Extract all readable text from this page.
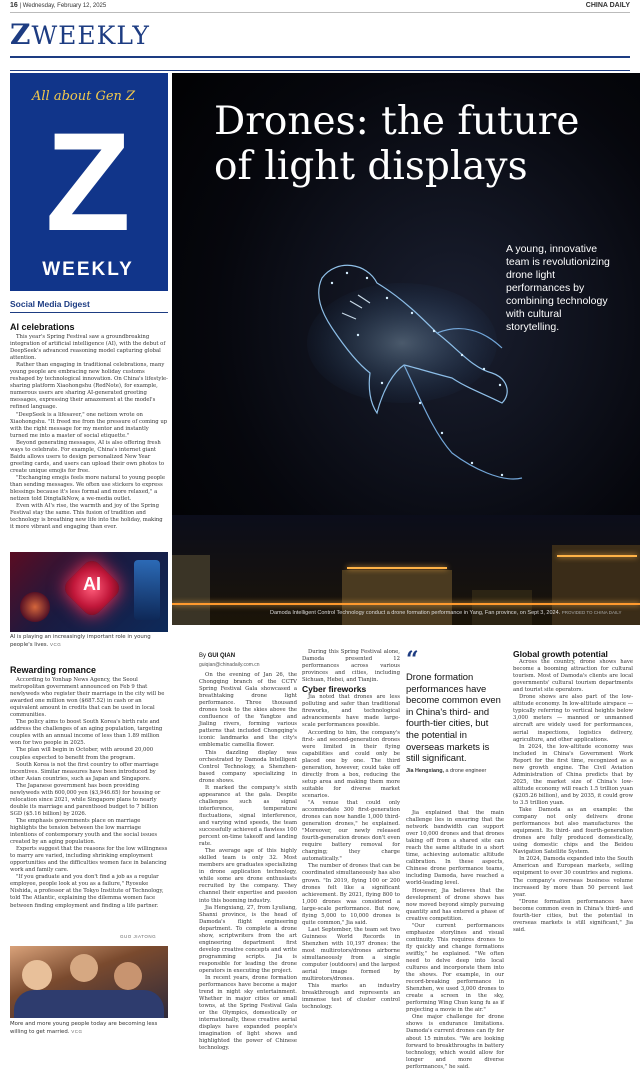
16 | Wednesday, February 12, 2025	CHINA DAILY
ZWEEKLY
All about Gen Z
Z
WEEKLY
Social Media Digest
AI celebrations

This year's Spring Festival saw a groundbreaking integration of artificial intelligence (AI), with the debut of DeepSeek's advanced reasoning model capturing global attention.

Rather than engaging in traditional celebrations, many young people are embracing new holiday customs reshaped by technological innovation. On China's lifestyle-sharing platform Xiaohongshu (RedNote), for example, numerous users are sharing AI-generated greeting messages, expressing their amazement at the model's refined language.

"DeepSeek is a lifesaver," one netizen wrote on Xiaohongshu. "It freed me from the pressure of coming up with the right message for my mentor and instantly turned me into a master of social etiquette."

Beyond generating messages, AI is also offering fresh ways to celebrate. For example, China's internet giant Baidu allows users to design personalized New Year greeting cards, and users can upload their own photos to create unique emojis for free.

"Exchanging emojis feels more natural to young people than sending messages. We often use stickers to express blessings because it's less formal and more relaxed," a netizen told DingtalkNow, a we-media outlet.

Even with AI's rise, the warmth and joy of the Spring Festival stay the same. This fusion of tradition and technology is breathing new life into the holiday, making it more vibrant and engaging than ever.

AI
AI is playing an increasingly important role in young people's lives. VCG
Rewarding romance

According to Yonhap News Agency, the Seoul metropolitan government announced on Feb 9 that newlyweds who register their marriage in the city will be awarded one million won ($687.52) in cash or an equivalent amount in credits that can be used in local communities.

The policy aims to boost South Korea's birth rate and address the challenges of an aging population, targeting couples with an annual income of less than 1.89 million won for two people in 2025.

The plan will begin in October, with around 20,000 couples expected to benefit from the program.

South Korea is not the first country to offer marriage incentives. Similar measures have been introduced by other Asian countries, such as Japan and Singapore.

The Japanese government has been providing newlyweds with 600,000 yen ($3,946.65) for housing or relocation since 2021, while Singapore plans to nearly double its marriage and parenthood budget to 7 billion SGD ($5.16 billion) by 2026.

The emphasis governments place on marriage highlights the tension between the low marriage intentions of contemporary youth and the social issues created by an aging population.

Experts suggest that the reasons for the low willingness to marry are varied, including shrinking employment opportunities and the difficulties women face in balancing work and family care.

"If you graduate and you don't find a job as a regular employee, people look at you as a failure," Ryosuke Nishida, a professor at the Tokyo Institute of Technology, told The Atlantic, explaining the dilemma women face between finding employment and finding a life partner.

GUO JIATONG
More and more young people today are becoming less willing to get married. VCG
Drones: the future of light displays
A young, innovative team is revolutionizing drone light performances by combining technology with cultural storytelling.
Damoda Intelligent Control Technology conduct a drone formation performance in Yang, Fan province, on Sept 3, 2024. PROVIDED TO CHINA DAILY
By GUI QIAN
guiqian@chinadaily.com.cn

On the evening of Jan 26, the Chongqing branch of the CCTV Spring Festival Gala showcased a breathtaking drone light performance. Three thousand drones took to the skies above the confluence of the Yangtze and Jialing rivers, forming various patterns that included Chongqing's iconic landmarks and the city's emblematic camellia flower.

This dazzling display was orchestrated by Damoda Intelligent Control Technology, a Shenzhen-based company specializing in drone shows.

It marked the company's sixth appearance at the gala. Despite challenges such as signal interference, temperature fluctuations, signal interference, and varying wind speeds, the team successfully achieved a flawless 100 percent on-time takeoff and landing rate.

The average age of this highly skilled team is only 32. Most members are graduates specializing in drone application technology, while some are drone enthusiasts recruited by the company. They channel their expertise and passion into this booming industry.

Jia Hengxiang, 27, from Lyuliang, Shanxi province, is the head of Damoda's flight engineering department. To complete a drone show, scriptwriters from the art engineering department first develop creative concepts and write programming scripts. Jia is responsible for leading the drone operators in executing the project.

In recent years, drone formation performances have become a major trend in night sky entertainment. Whether in major cities or small towns, at the Spring Festival Gala or the Olympics, domestically or internationally, these creative aerial displays have expanded people's imagination of light shows and highlighted the power of Chinese technology.

During this Spring Festival alone, Damoda presented 12 performances across various provinces and cities, including Sichuan, Hebei, and Tianjin.

Cyber fireworks

Jia noted that drones are less polluting and safer than traditional fireworks, and technological advancements have made large-scale performances possible.

According to him, the company's first- and second-generation drones were limited in their flying capabilities and could only be placed one by one. The third generation, however, could take off directly from a box, reducing the setup area and making them more suitable for diverse market scenarios.

"A venue that could only accommodate 300 first-generation drones can now handle 1,000 third-generation drones," he explained. "Moreover, our newly released fourth-generation drones don't even require battery removal for charging; they charge automatically."

The number of drones that can be coordinated simultaneously has also grown. "In 2019, flying 100 or 200 drones felt like a significant achievement. By 2021, flying 800 to 1,000 drones was considered a large-scale performance. But now, flying 5,000 to 10,000 drones is quite common," Jia said.

Last September, the team set two Guinness World Records in Shenzhen with 10,197 drones: the most multirotors/drones airborne simultaneously from a single computer (outdoors) and the largest aerial image formed by multirotors/drones.

This marks an industry breakthrough and represents an immense test of cluster control technology.

“
Drone formation performances have become common even in China's third- and fourth-tier cities, but the potential in overseas markets is still significant.
Jia Hengxiang, a drone engineer

Jia explained that the main challenge lies in ensuring that the network bandwidth can support over 10,000 drones and that drones taking off from a shared site can reach the same altitude in a short time, achieving automatic altitude calibration. In these aspects, Chinese drone performance teams, including Damoda, have reached a world-leading level.

However, Jia believes that the development of drone shows has now moved beyond simply pursuing quantity and has entered a phase of creative competition.

"Our current performances emphasize storylines and visual continuity. This requires drones to fly quickly and change formations swiftly," he explained. "We often need to delve deep into local cultures and incorporate them into the shows. For example, in our record-breaking performance in Shenzhen, we used 3,000 drones to create a screen in the sky, performing Wing Chun kung fu as if projecting a movie in the air."

One major challenge for drone shows is endurance limitations. Damoda's current drones can fly for about 15 minutes. "We are looking forward to breakthroughs in battery technology, which would allow for longer and more diverse performances," he said.

Global growth potential

Across the country, drone shows have become a booming attraction for cultural tourism. Most of Damoda's clients are local governments' cultural tourism departments and tourist site operators.

Drone shows are also part of the low-altitude economy. In low-altitude airspace — typically referring to vertical heights below 3,000 meters — manned or unmanned aircraft are widely used for performances, aerial inspections, logistics delivery, agriculture, and other applications.

In 2024, the low-altitude economy was included in China's Government Work Report for the first time, recognized as a new growth engine. The Civil Aviation Administration of China predicts that by 2025, the market size of China's low-altitude economy will reach 1.5 trillion yuan ($205.26 billion), and by 2035, it could grow to 3.5 trillion yuan.

Take Damoda as an example: the company not only delivers drone performances but also manufactures the equipment. Its third- and fourth-generation drones are fully produced domestically, using domestic chips and the Beidou Navigation Satellite System.

In 2024, Damoda expanded into the South American and European markets, selling equipment to over 30 countries and regions. The company's overseas business volume increased by more than 50 percent last year.

"Drone formation performances have become common even in China's third- and fourth-tier cities, but the potential in overseas markets is still significant," Jia said.
